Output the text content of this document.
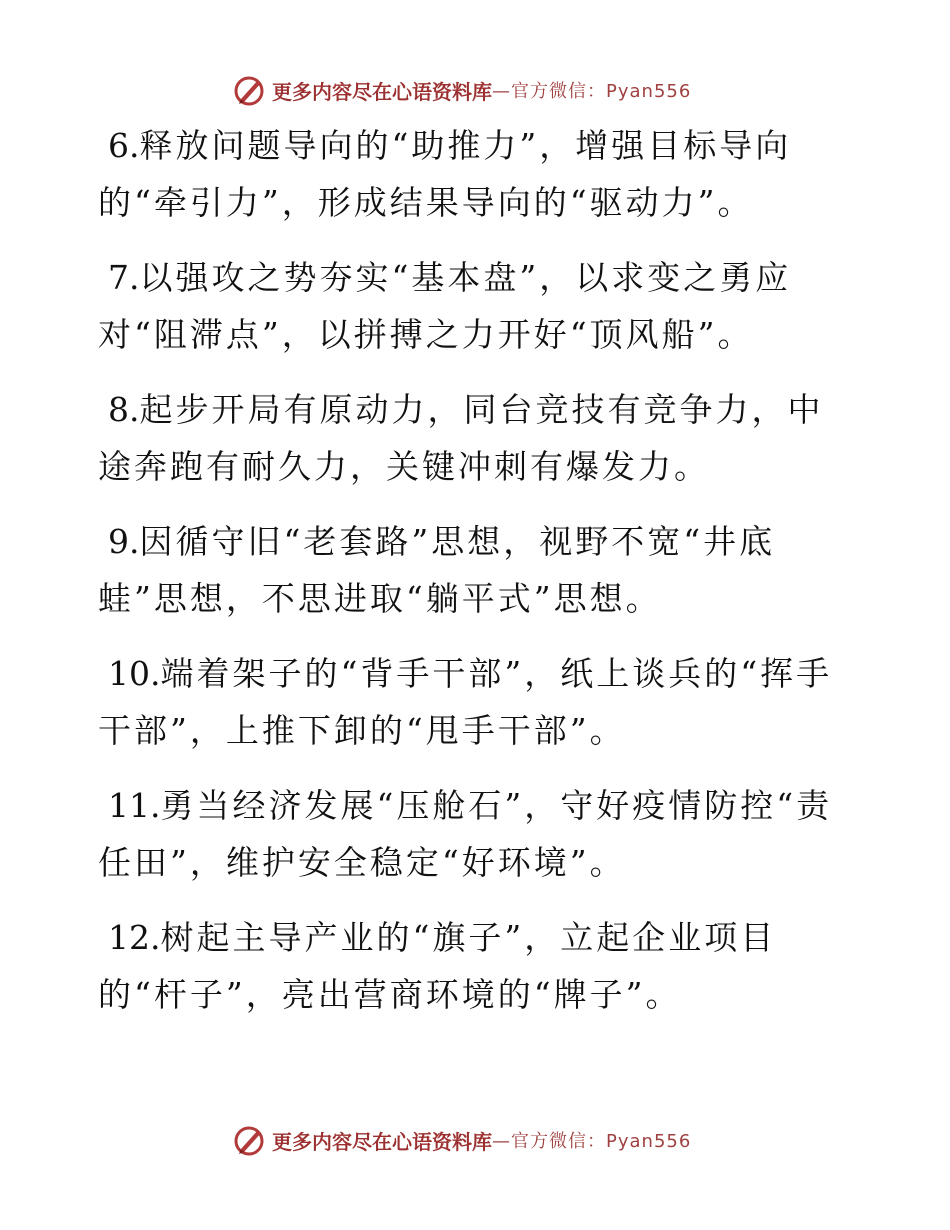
更多内容尽在心语资料库 —官方微信：Pyan556

6.释放问题导向的“助推力”，增强目标导向的“牵引力”，形成结果导向的“驱动力”。

7.以强攻之势夯实“基本盘”，以求变之勇应对“阻滞点”，以拼搏之力开好“顶风船”。

8.起步开局有原动力，同台竞技有竞争力，中途奔跑有耐久力，关键冲刺有爆发力。

9.因循守旧“老套路”思想，视野不宽“井底蛙”思想，不思进取“躺平式”思想。

10.端着架子的“背手干部”，纸上谈兵的“挥手干部”，上推下卸的“甩手干部”。

11.勇当经济发展“压舱石”，守好疫情防控“责任田”，维护安全稳定“好环境”。

12.树起主导产业的“旗子”，立起企业项目的“杆子”，亮出营商环境的“牌子”。

更多内容尽在心语资料库 —官方微信：Pyan556
